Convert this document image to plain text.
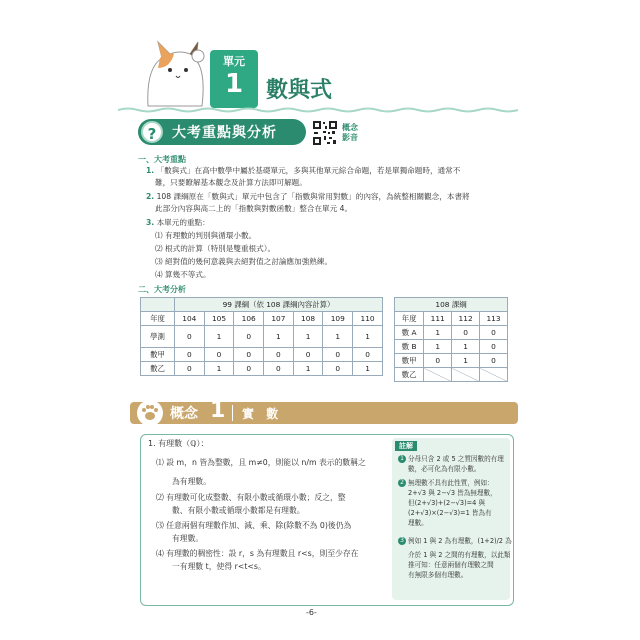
單元
1	數與式
?	大考重點與分析	概念
影音
一、大考重點
1. 「數與式」在高中數學中屬於基礎單元，多與其他單元綜合命題，若是單獨命題時，通常不
難，只要瞭解基本觀念及計算方法即可解題。
2. 108 課綱原在「數與式」單元中包含了「指數與常用對數」的內容，為統整相關觀念，本書將
此部分內容與高二上的「指數與對數函數」整合在單元 4。
3. 本單元的重點：
⑴ 有理數的判別與循環小數。
⑵ 根式的計算（特別是雙重根式）。
⑶ 絕對值的幾何意義與去絕對值之討論應加強熟練。
⑷ 算幾不等式。
二、大考分析
	99 課綱（依 108 課綱內容計算）						
年度	104	105	106	107	108	109	110
學測	0	1	0	1	1	1	1
數甲	0	0	0	0	0	0	0
數乙	0	1	0	0	1	0	1
108 課綱			
年度	111	112	113
數 A	1	0	0
數 B	1	1	0
數甲	0	1	0
數乙			
概念 1 實 數
1. 有理數（ℚ）：
⑴ 設 m，n 皆為整數，且 m≠0，則能以 n/m 表示的數稱之
為有理數。
⑵ 有理數可化成整數、有限小數或循環小數；反之，整
數、有限小數或循環小數都是有理數。
⑶ 任意兩個有理數作加、減、乘、除(除數不為 0)後仍為
有理數。
⑷ 有理數的稠密性：設 r，s 為有理數且 r<s，則至少存在
一有理數 t，使得 r<t<s。
註解
1 分母只含 2 或 5 之質因數的有理
數，必可化為有限小數。
2 無理數不具有此性質，例如：
2+√3 與 2−√3 皆為無理數，
但(2+√3)+(2−√3)=4 與
(2+√3)×(2−√3)=1 皆為有
理數。
3 例如 1 與 2 為有理數，(1+2)/2 為
介於 1 與 2 之間的有理數，以此類
推可知：任意兩個有理數之間
有無限多個有理數。
-6-
